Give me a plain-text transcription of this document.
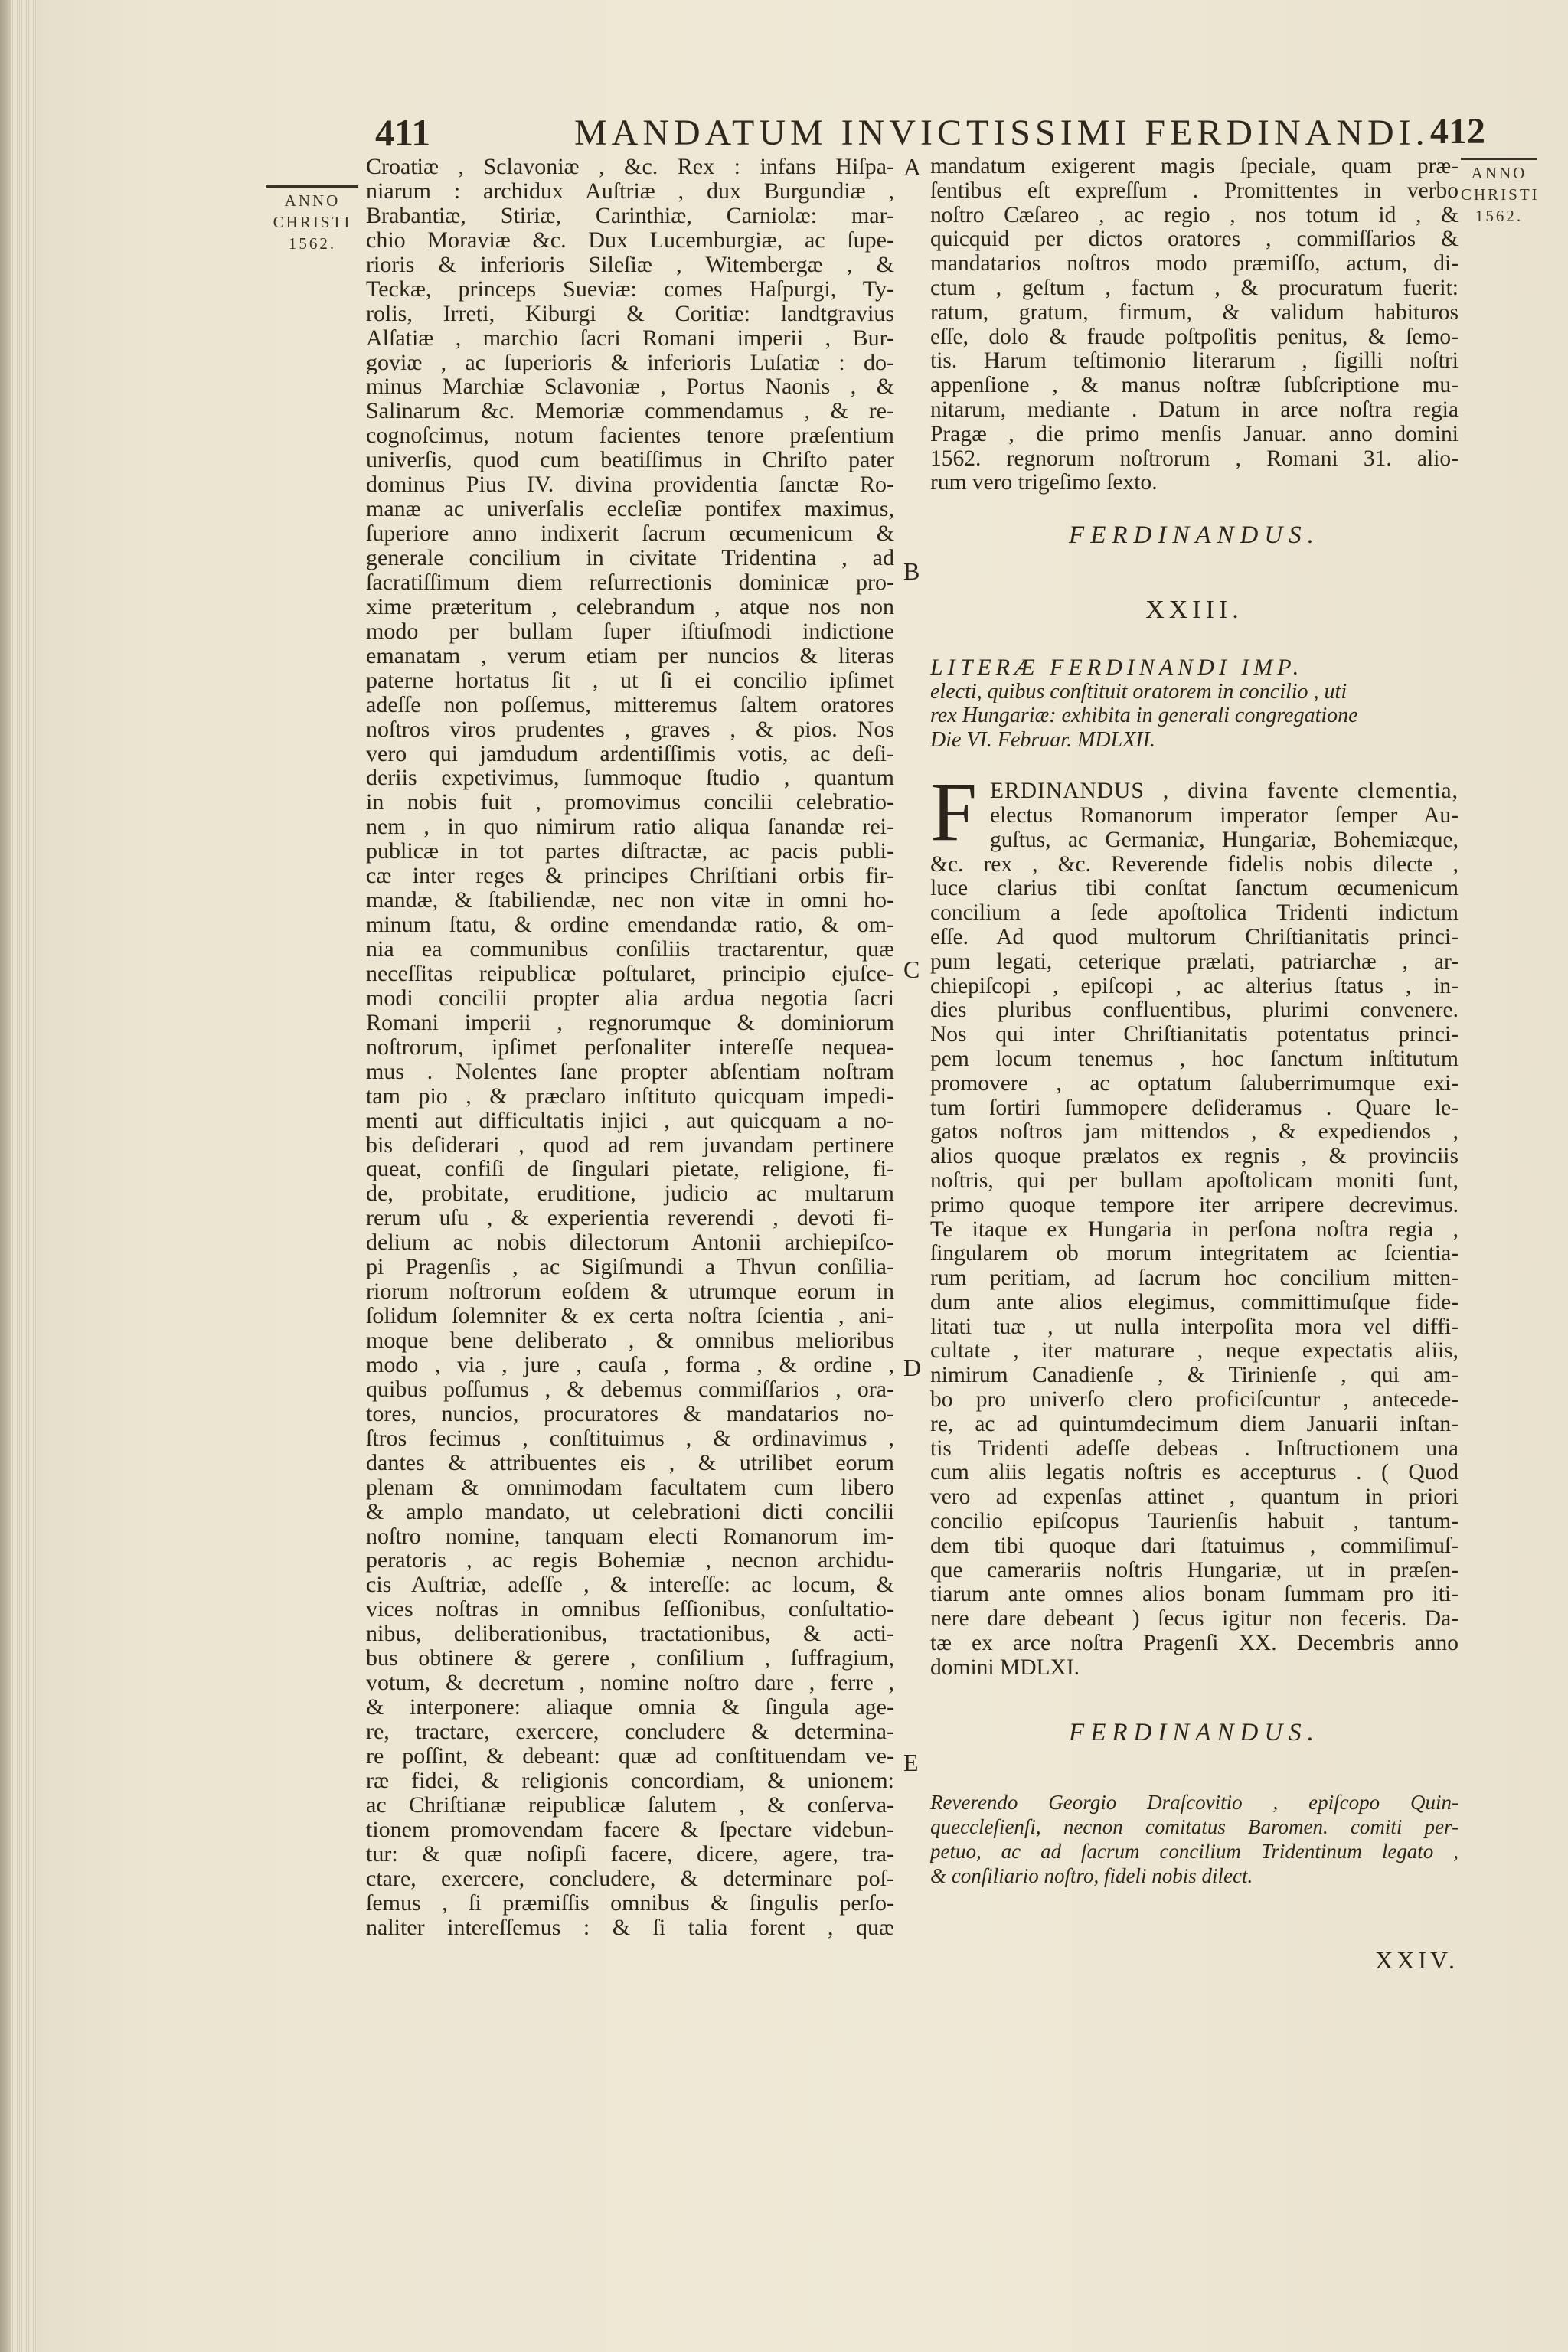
411	MANDATUM INVICTISSIMI FERDINANDI. 412
ANNO
CHRISTI
1562.
ANNO
CHRISTI
1562.
A
B
C
D
E
Croatiæ , Sclavoniæ , &c. Rex : infans Hiſpa-
niarum : archidux Auſtriæ , dux Burgundiæ ,
Brabantiæ, Stiriæ, Carinthiæ, Carniolæ: mar-
chio Moraviæ &c. Dux Lucemburgiæ, ac ſupe-
rioris & inferioris Sileſiæ , Witembergæ , &
Teckæ, princeps Sueviæ: comes Haſpurgi, Ty-
rolis, Irreti, Kiburgi & Coritiæ: landtgravius
Alſatiæ , marchio ſacri Romani imperii , Bur-
goviæ , ac ſuperioris & inferioris Luſatiæ : do-
minus Marchiæ Sclavoniæ , Portus Naonis , &
Salinarum &c. Memoriæ commendamus , & re-
cognoſcimus, notum facientes tenore præſentium
univerſis, quod cum beatiſſimus in Chriſto pater
dominus Pius IV. divina providentia ſanctæ Ro-
manæ ac univerſalis eccleſiæ pontifex maximus,
ſuperiore anno indixerit ſacrum œcumenicum &
generale concilium in civitate Tridentina , ad
ſacratiſſimum diem reſurrectionis dominicæ pro-
xime præteritum , celebrandum , atque nos non
modo per bullam ſuper iſtiuſmodi indictione
emanatam , verum etiam per nuncios & literas
paterne hortatus ſit , ut ſi ei concilio ipſimet
adeſſe non poſſemus, mitteremus ſaltem oratores
noſtros viros prudentes , graves , & pios. Nos
vero qui jamdudum ardentiſſimis votis, ac deſi-
deriis expetivimus, ſummoque ſtudio , quantum
in nobis fuit , promovimus concilii celebratio-
nem , in quo nimirum ratio aliqua ſanandæ rei-
publicæ in tot partes diſtractæ, ac pacis publi-
cæ inter reges & principes Chriſtiani orbis fir-
mandæ, & ſtabiliendæ, nec non vitæ in omni ho-
minum ſtatu, & ordine emendandæ ratio, & om-
nia ea communibus conſiliis tractarentur, quæ
neceſſitas reipublicæ poſtularet, principio ejuſce-
modi concilii propter alia ardua negotia ſacri
Romani imperii , regnorumque & dominiorum
noſtrorum, ipſimet perſonaliter intereſſe nequea-
mus . Nolentes ſane propter abſentiam noſtram
tam pio , & præclaro inſtituto quicquam impedi-
menti aut difficultatis injici , aut quicquam a no-
bis deſiderari , quod ad rem juvandam pertinere
queat, confiſi de ſingulari pietate, religione, fi-
de, probitate, eruditione, judicio ac multarum
rerum uſu , & experientia reverendi , devoti fi-
delium ac nobis dilectorum Antonii archiepiſco-
pi Pragenſis , ac Sigiſmundi a Thvun conſilia-
riorum noſtrorum eoſdem & utrumque eorum in
ſolidum ſolemniter & ex certa noſtra ſcientia , ani-
moque bene deliberato , & omnibus melioribus
modo , via , jure , cauſa , forma , & ordine ,
quibus poſſumus , & debemus commiſſarios , ora-
tores, nuncios, procuratores & mandatarios no-
ſtros fecimus , conſtituimus , & ordinavimus ,
dantes & attribuentes eis , & utrilibet eorum
plenam & omnimodam facultatem cum libero
& amplo mandato, ut celebrationi dicti concilii
noſtro nomine, tanquam electi Romanorum im-
peratoris , ac regis Bohemiæ , necnon archidu-
cis Auſtriæ, adeſſe , & intereſſe: ac locum, &
vices noſtras in omnibus ſeſſionibus, conſultatio-
nibus, deliberationibus, tractationibus, & acti-
bus obtinere & gerere , conſilium , ſuffragium,
votum, & decretum , nomine noſtro dare , ferre ,
& interponere: aliaque omnia & ſingula age-
re, tractare, exercere, concludere & determina-
re poſſint, & debeant: quæ ad conſtituendam ve-
ræ fidei, & religionis concordiam, & unionem:
ac Chriſtianæ reipublicæ ſalutem , & conſerva-
tionem promovendam facere & ſpectare videbun-
tur: & quæ noſipſi facere, dicere, agere, tra-
ctare, exercere, concludere, & determinare poſ-
ſemus , ſi præmiſſis omnibus & ſingulis perſo-
naliter intereſſemus : & ſi talia forent , quæ
mandatum exigerent magis ſpeciale, quam præ-
ſentibus eſt expreſſum . Promittentes in verbo
noſtro Cæſareo , ac regio , nos totum id , &
quicquid per dictos oratores , commiſſarios &
mandatarios noſtros modo præmiſſo, actum, di-
ctum , geſtum , factum , & procuratum fuerit:
ratum, gratum, firmum, & validum habituros
eſſe, dolo & fraude poſtpoſitis penitus, & ſemo-
tis. Harum teſtimonio literarum , ſigilli noſtri
appenſione , & manus noſtræ ſubſcriptione mu-
nitarum, mediante . Datum in arce noſtra regia
Pragæ , die primo menſis Januar. anno domini
1562. regnorum noſtrorum , Romani 31. alio-
rum vero trigeſimo ſexto.
FERDINANDUS.
XXIII.
LITERÆ FERDINANDI IMP.
electi, quibus conſtituit oratorem in concilio , uti
rex Hungariæ: exhibita in generali congregatione
Die VI. Februar. MDLXII.
F ERDINANDUS , divina favente clementia,
electus Romanorum imperator ſemper Au-
guſtus, ac Germaniæ, Hungariæ, Bohemiæque,
&c. rex , &c. Reverende fidelis nobis dilecte ,
luce clarius tibi conſtat ſanctum œcumenicum
concilium a ſede apoſtolica Tridenti indictum
eſſe. Ad quod multorum Chriſtianitatis princi-
pum legati, ceterique prælati, patriarchæ , ar-
chiepiſcopi , epiſcopi , ac alterius ſtatus , in-
dies pluribus confluentibus, plurimi convenere.
Nos qui inter Chriſtianitatis potentatus princi-
pem locum tenemus , hoc ſanctum inſtitutum
promovere , ac optatum ſaluberrimumque exi-
tum ſortiri ſummopere deſideramus . Quare le-
gatos noſtros jam mittendos , & expediendos ,
alios quoque prælatos ex regnis , & provinciis
noſtris, qui per bullam apoſtolicam moniti ſunt,
primo quoque tempore iter arripere decrevimus.
Te itaque ex Hungaria in perſona noſtra regia ,
ſingularem ob morum integritatem ac ſcientia-
rum peritiam, ad ſacrum hoc concilium mitten-
dum ante alios elegimus, committimuſque fide-
litati tuæ , ut nulla interpoſita mora vel diffi-
cultate , iter maturare , neque expectatis aliis,
nimirum Canadienſe , & Tirinienſe , qui am-
bo pro univerſo clero proficiſcuntur , antecede-
re, ac ad quintumdecimum diem Januarii inſtan-
tis Tridenti adeſſe debeas . Inſtructionem una
cum aliis legatis noſtris es accepturus . ( Quod
vero ad expenſas attinet , quantum in priori
concilio epiſcopus Taurienſis habuit , tantum-
dem tibi quoque dari ſtatuimus , commiſimuſ-
que camerariis noſtris Hungariæ, ut in præſen-
tiarum ante omnes alios bonam ſummam pro iti-
nere dare debeant ) ſecus igitur non feceris. Da-
tæ ex arce noſtra Pragenſi XX. Decembris anno
domini MDLXI.
FERDINANDUS.
Reverendo Georgio Draſcovitio , epiſcopo Quin-
queccleſienſi, necnon comitatus Baromen. comiti per-
petuo, ac ad ſacrum concilium Tridentinum legato ,
& conſiliario noſtro, fideli nobis dilect.
XXIV.
